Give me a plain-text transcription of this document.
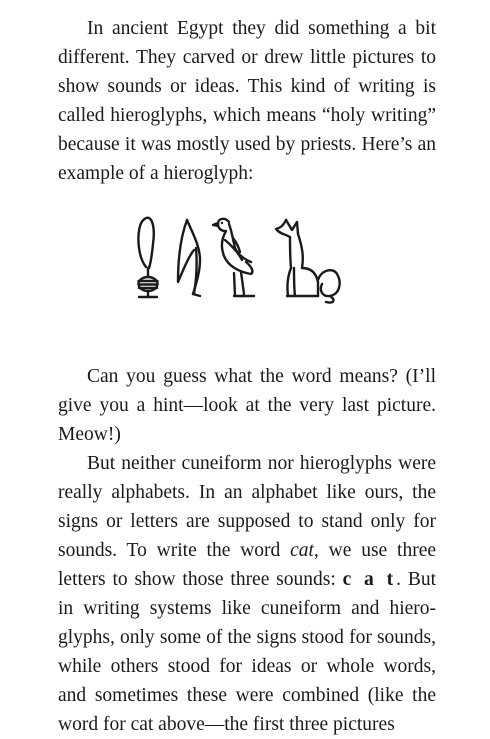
In ancient Egypt they did something a bit different. They carved or drew little pictures to show sounds or ideas. This kind of writing is called hieroglyphs, which means “holy writing” because it was mostly used by priests. Here’s an example of a hieroglyph:

Can you guess what the word means? (I’ll give you a hint—look at the very last picture. Meow!)

But neither cuneiform nor hieroglyphs were really alphabets. In an alphabet like ours, the signs or letters are supposed to stand only for sounds. To write the word cat, we use three letters to show those three sounds: c a t. But in writing systems like cuneiform and hiero-glyphs, only some of the signs stood for sounds, while others stood for ideas or whole words, and sometimes these were combined (like the word for cat above—the first three pictures
